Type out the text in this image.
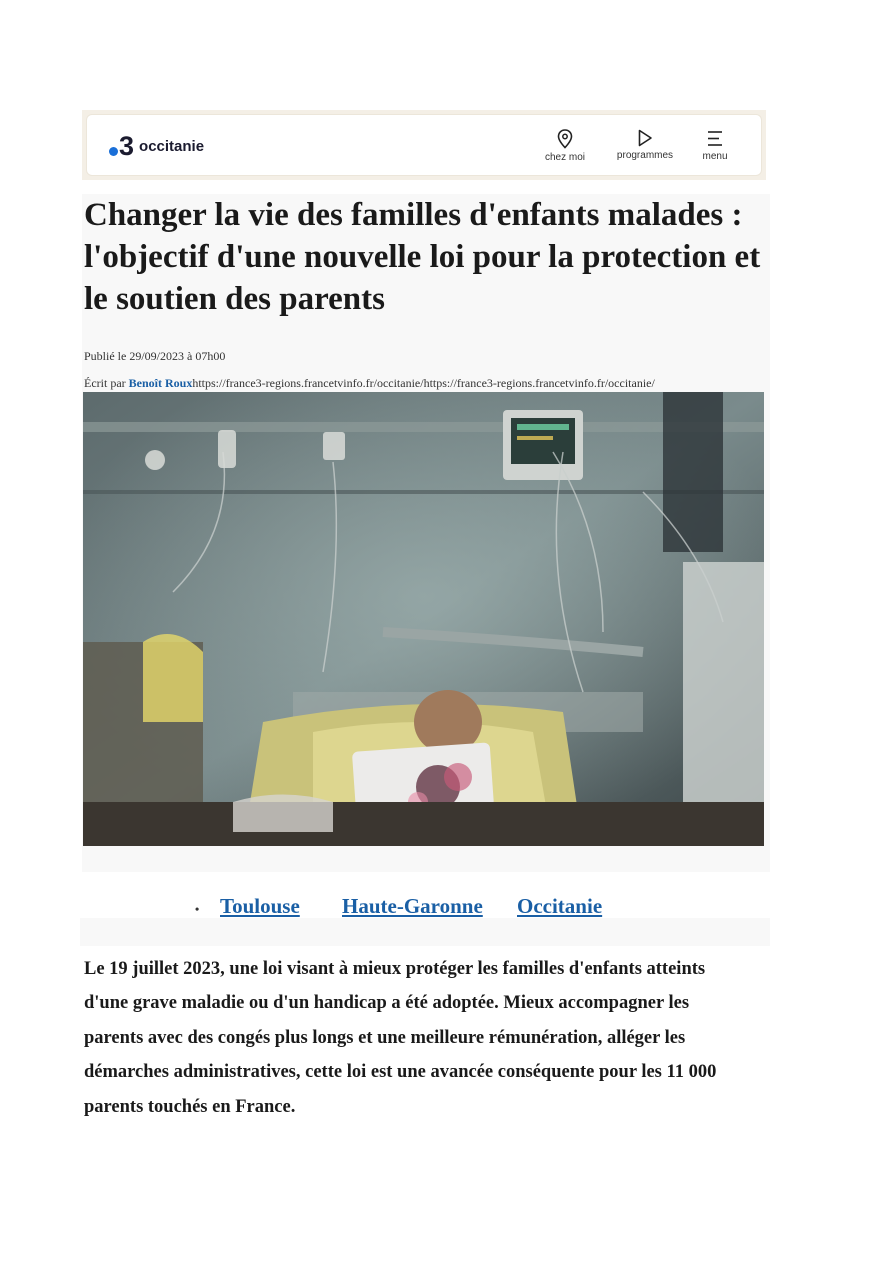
3 occitanie
chez moi	programmes	menu
Changer la vie des familles d'enfants malades : l'objectif d'une nouvelle loi pour la protection et le soutien des parents
Publié le 29/09/2023 à 07h00
Écrit par Benoît Rouxhttps://france3-regions.francetvinfo.fr/occitanie/https://france3-regions.francetvinfo.fr/occitanie/
• Toulouse Haute-Garonne Occitanie

Le 19 juillet 2023, une loi visant à mieux protéger les familles d'enfants atteints d'une grave maladie ou d'un handicap a été adoptée. Mieux accompagner les parents avec des congés plus longs et une meilleure rémunération, alléger les démarches administratives, cette loi est une avancée conséquente pour les 11 000 parents touchés en France.
